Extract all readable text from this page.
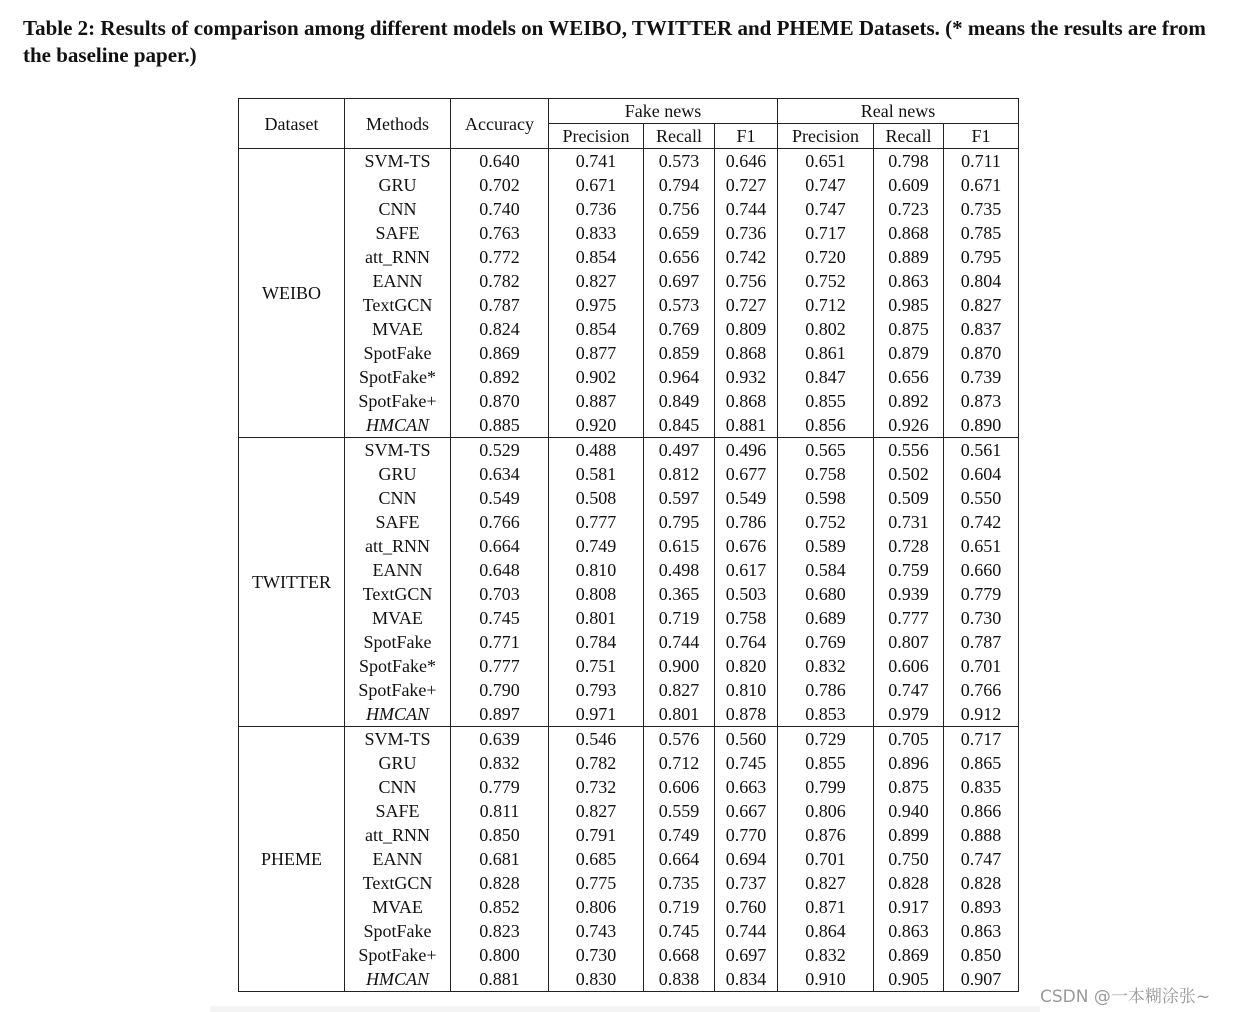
Table 2: Results of comparison among different models on WEIBO, TWITTER and PHEME Datasets. (* means the results are from the baseline paper.)
Dataset	Methods	Accuracy	Fake news			Real news		
			Precision	Recall	F1	Precision	Recall	F1
WEIBO	SVM-TS	0.640	0.741	0.573	0.646	0.651	0.798	0.711
	GRU	0.702	0.671	0.794	0.727	0.747	0.609	0.671
	CNN	0.740	0.736	0.756	0.744	0.747	0.723	0.735
	SAFE	0.763	0.833	0.659	0.736	0.717	0.868	0.785
	att_RNN	0.772	0.854	0.656	0.742	0.720	0.889	0.795
	EANN	0.782	0.827	0.697	0.756	0.752	0.863	0.804
	TextGCN	0.787	0.975	0.573	0.727	0.712	0.985	0.827
	MVAE	0.824	0.854	0.769	0.809	0.802	0.875	0.837
	SpotFake	0.869	0.877	0.859	0.868	0.861	0.879	0.870
	SpotFake*	0.892	0.902	0.964	0.932	0.847	0.656	0.739
	SpotFake+	0.870	0.887	0.849	0.868	0.855	0.892	0.873
	HMCAN	0.885	0.920	0.845	0.881	0.856	0.926	0.890
TWITTER	SVM-TS	0.529	0.488	0.497	0.496	0.565	0.556	0.561
	GRU	0.634	0.581	0.812	0.677	0.758	0.502	0.604
	CNN	0.549	0.508	0.597	0.549	0.598	0.509	0.550
	SAFE	0.766	0.777	0.795	0.786	0.752	0.731	0.742
	att_RNN	0.664	0.749	0.615	0.676	0.589	0.728	0.651
	EANN	0.648	0.810	0.498	0.617	0.584	0.759	0.660
	TextGCN	0.703	0.808	0.365	0.503	0.680	0.939	0.779
	MVAE	0.745	0.801	0.719	0.758	0.689	0.777	0.730
	SpotFake	0.771	0.784	0.744	0.764	0.769	0.807	0.787
	SpotFake*	0.777	0.751	0.900	0.820	0.832	0.606	0.701
	SpotFake+	0.790	0.793	0.827	0.810	0.786	0.747	0.766
	HMCAN	0.897	0.971	0.801	0.878	0.853	0.979	0.912
PHEME	SVM-TS	0.639	0.546	0.576	0.560	0.729	0.705	0.717
	GRU	0.832	0.782	0.712	0.745	0.855	0.896	0.865
	CNN	0.779	0.732	0.606	0.663	0.799	0.875	0.835
	SAFE	0.811	0.827	0.559	0.667	0.806	0.940	0.866
	att_RNN	0.850	0.791	0.749	0.770	0.876	0.899	0.888
	EANN	0.681	0.685	0.664	0.694	0.701	0.750	0.747
	TextGCN	0.828	0.775	0.735	0.737	0.827	0.828	0.828
	MVAE	0.852	0.806	0.719	0.760	0.871	0.917	0.893
	SpotFake	0.823	0.743	0.745	0.744	0.864	0.863	0.863
	SpotFake+	0.800	0.730	0.668	0.697	0.832	0.869	0.850
	HMCAN	0.881	0.830	0.838	0.834	0.910	0.905	0.907
CSDN @一本糊涂张~
